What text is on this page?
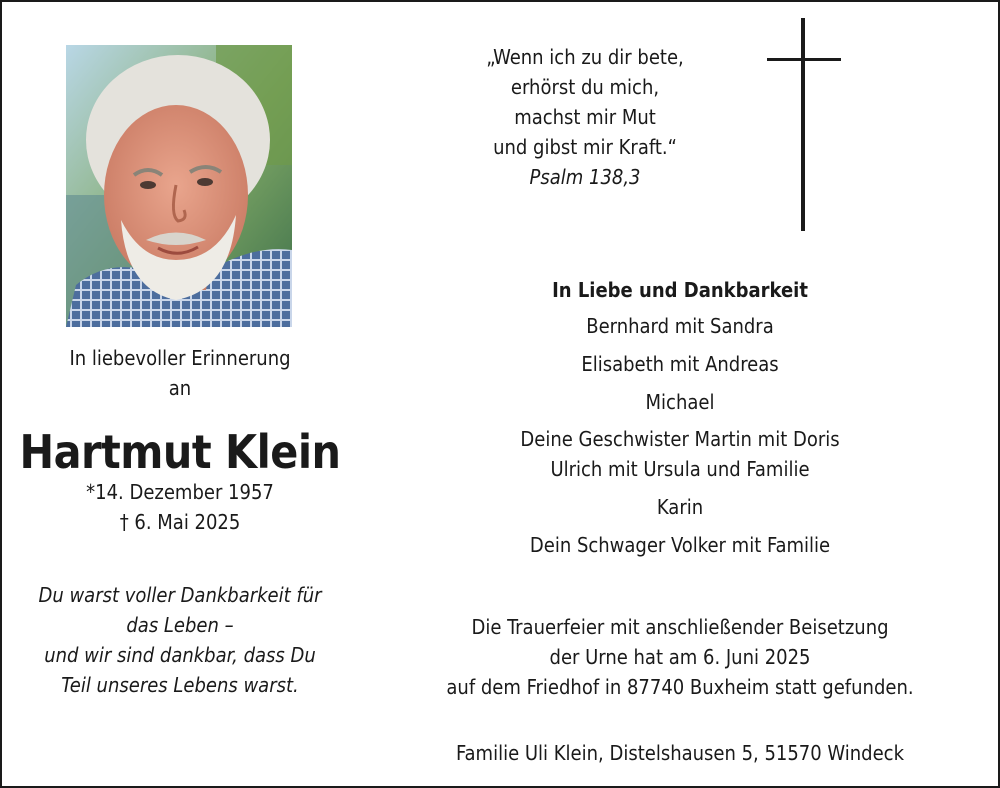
In liebevoller Erinnerung
an
Hartmut Klein
*14. Dezember 1957
† 6. Mai 2025
Du warst voller Dankbarkeit für
das Leben –
und wir sind dankbar, dass Du
Teil unseres Lebens warst.
„Wenn ich zu dir bete,
erhörst du mich,
machst mir Mut
und gibst mir Kraft.“
Psalm 138,3
In Liebe und Dankbarkeit
Bernhard mit Sandra
Elisabeth mit Andreas
Michael
Deine Geschwister Martin mit Doris
Ulrich mit Ursula und Familie
Karin
Dein Schwager Volker mit Familie
Die Trauerfeier mit anschließender Beisetzung
der Urne hat am 6. Juni 2025
auf dem Friedhof in 87740 Buxheim statt gefunden.
Familie Uli Klein, Distelshausen 5, 51570 Windeck
